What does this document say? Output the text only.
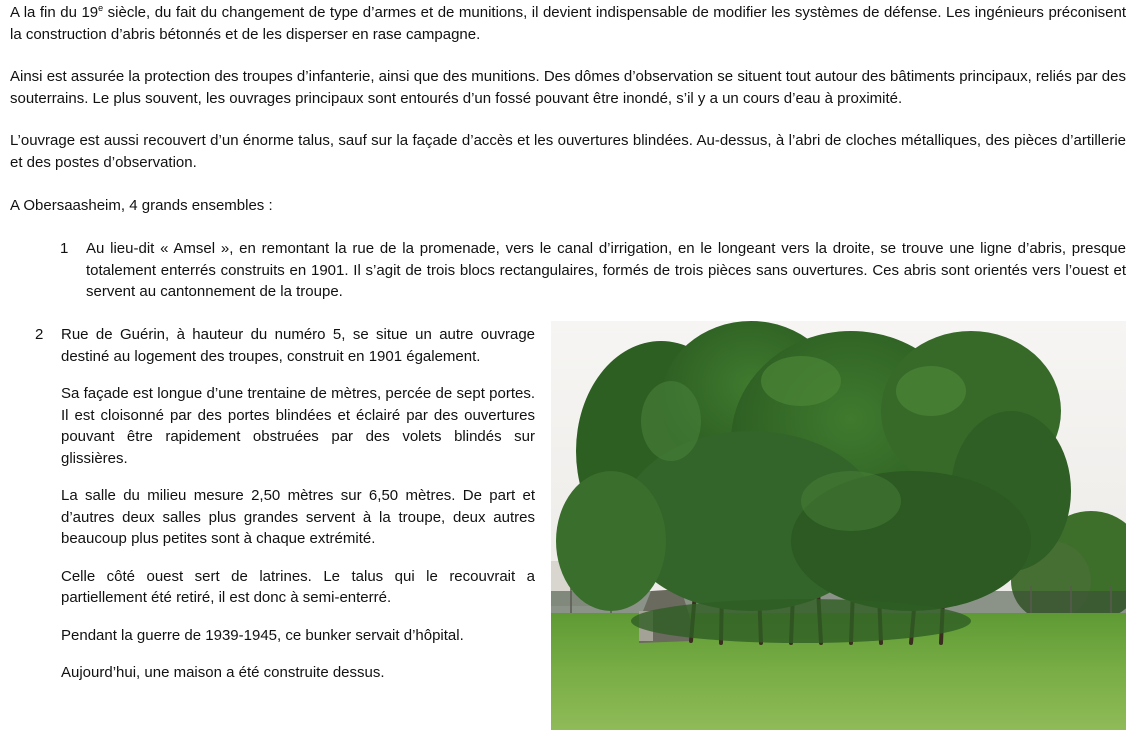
A la fin du 19e siècle, du fait du changement de type d’armes et de munitions, il devient indispensable de modifier les systèmes de défense. Les ingénieurs préconisent la construction d’abris bétonnés et de les disperser en rase campagne.

Ainsi est assurée la protection des troupes d’infanterie, ainsi que des munitions. Des dômes d’observation se situent tout autour des bâtiments principaux, reliés par des souterrains. Le plus souvent, les ouvrages principaux sont entourés d’un fossé pouvant être inondé, s’il y a un cours d’eau à proximité.

L’ouvrage est aussi recouvert d’un énorme talus, sauf sur la façade d’accès et les ouvertures blindées. Au-dessus, à l’abri de cloches métalliques, des pièces d’artillerie et des postes d’observation.

A Obersaasheim, 4 grands ensembles :

1 Au lieu-dit « Amsel », en remontant la rue de la promenade, vers le canal d’irrigation, en le longeant vers la droite, se trouve une ligne d’abris, presque totalement enterrés construits en 1901. Il s’agit de trois blocs rectangulaires, formés de trois pièces sans ouvertures. Ces abris sont orientés vers l’ouest et servent au cantonnement de la troupe.
2 Rue de Guérin, à hauteur du numéro 5, se situe un autre ouvrage destiné au logement des troupes, construit en 1901 également.

Sa façade est longue d’une trentaine de mètres, percée de sept portes. Il est cloisonné par des portes blindées et éclairé par des ouvertures pouvant être rapidement obstruées par des volets blindés sur glissières.

La salle du milieu mesure 2,50 mètres sur 6,50 mètres. De part et d’autres deux salles plus grandes servent à la troupe, deux autres beaucoup plus petites sont à chaque extrémité.

Celle côté ouest sert de latrines. Le talus qui le recouvrait a partiellement été retiré, il est donc à semi-enterré.

Pendant la guerre de 1939-1945, ce bunker servait d’hôpital.

Aujourd’hui, une maison a été construite dessus.
